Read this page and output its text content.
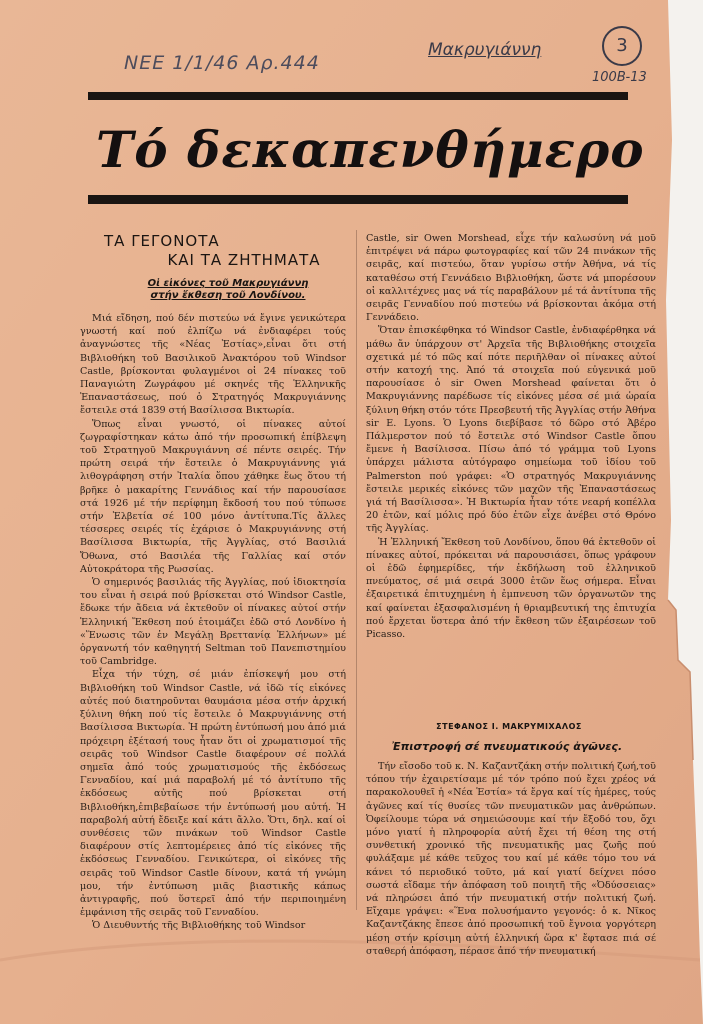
NEE 1/1/46 Αρ.444
Μακρυγιάννη	3
100B-13
Τό δεκαπενθήμερο
ΤΑ ΓΕΓΟΝΟΤΑ
ΚΑΙ ΤΑ ΖΗΤΗΜΑΤΑ
Οἱ εἰκόνες τοῦ Μακρυγιάννη
στήν ἔκθεση τοῦ Λονδίνου.

Μιά εἴδηση, πού δέν πιστεύω νά ἔγινε γενικώτερα γνωστή καί πού ἐλπίζω νά ἐνδιαφέρει τούς ἀναγνώστες τῆς «Νέας Ἑστίας»,εἶναι ὅτι στή Βιβλιοθήκη τοῦ Βασιλικοῦ Ἀνακτόρου τοῦ Windsor Castle, βρίσκονται φυλαγμένοι οἱ 24 πίνακες τοῦ Παναγιώτη Ζωγράφου μέ σκηνές τῆς Ἑλληνικῆς Ἐπαναστάσεως, πού ὁ Στρατηγός Μακρυγιάννης ἔστειλε στά 1839 στή Βασίλισσα Βικτωρία.

Ὅπως εἶναι γνωστό, οἱ πίνακες αὐτοί ζωγραφίστηκαν κάτω ἀπό τήν προσωπική ἐπίβλεψη τοῦ Στρατηγοῦ Μακρυγιάννη σέ πέντε σειρές. Τήν πρώτη σειρά τήν ἔστειλε ὁ Μακρυγιάννης γιά λιθογράφηση στήν Ἰταλία ὅπου χάθηκε ἕως ὅτου τή βρῆκε ὁ μακαρίτης Γεννάδιος καί τήν παρουσίασε στά 1926 μέ τήν περίφημη ἔκδοσή του πού τύπωσε στήν Ἑλβετία σέ 100 μόνο ἀντίτυπα.Τίς ἄλλες τέσσερες σειρές τίς ἐχάρισε ὁ Μακρυγιάννης στή Βασίλισσα Βικτωρία, τῆς Ἀγγλίας, στό Βασιλιά Ὄθωνα, στό Βασιλέα τῆς Γαλλίας καί στόν Αὐτοκράτορα τῆς Ρωσσίας.

Ὁ σημερινός βασιλιάς τῆς Ἀγγλίας, πού ἰδιοκτησία του εἶναι ἡ σειρά πού βρίσκεται στό Windsor Castle, ἔδωκε τήν ἄδεια νά ἐκτεθοῦν οἱ πίνακες αὐτοί στήν Ἑλληνική Ἔκθεση πού ἑτοιμάζει ἐδῶ στό Λονδίνο ἡ «Ἕνωσις τῶν ἐν Μεγάλῃ Βρεττανίᾳ Ἑλλήνων» μέ ὀργανωτή τόν καθηγητή Seltman τοῦ Πανεπιστημίου τοῦ Cambridge.

Εἶχα τήν τύχη, σέ μιάν ἐπίσκεψή μου στή Βιβλιοθήκη τοῦ Windsor Castle, νά ἰδῶ τίς εἰκόνες αὐτές πού διατηροῦνται θαυμάσια μέσα στήν ἀρχική ξύλινη θήκη πού τίς ἔστειλε ὁ Μακρυγιάννης στή Βασίλισσα Βικτωρία. Ἡ πρώτη ἐντύπωσή μου ἀπό μιά πρόχειρη ἐξέτασή τους ἦταν ὅτι οἱ χρωματισμοί τῆς σειρᾶς τοῦ Windsor Castle διαφέρουν σέ πολλά σημεῖα ἀπό τούς χρωματισμούς τῆς ἐκδόσεως Γενναδίου, καί μιά παραβολή μέ τό ἀντίτυπο τῆς ἐκδόσεως αὐτῆς πού βρίσκεται στή Βιβλιοθήκη,ἐπιβεβαίωσε τήν ἐντύπωσή μου αὐτή. Ἡ παραβολή αὐτή ἔδειξε καί κάτι ἄλλο. Ὅτι, δηλ. καί οἱ συνθέσεις τῶν πινάκων τοῦ Windsor Castle διαφέρουν στίς λεπτομέρειες ἀπό τίς εἰκόνες τῆς ἐκδόσεως Γενναδίου. Γενικώτερα, οἱ εἰκόνες τῆς σειρᾶς τοῦ Windsor Castle δίνουν, κατά τή γνώμη μου, τήν ἐντύπωση μιᾶς βιαστικῆς κάπως ἀντιγραφῆς, πού ὕστερεῖ ἀπό τήν περιποιημένη ἐμφάνιση τῆς σειρᾶς τοῦ Γενναδίου.

Ὁ Διευθυντής τῆς Βιβλιοθήκης τοῦ Windsor

Castle, sir Owen Morshead, εἶχε τήν καλωσύνη νά μοῦ ἐπιτρέψει νά πάρω φωτογραφίες καί τῶν 24 πινάκων τῆς σειρᾶς, καί πιστεύω, ὅταν γυρίσω στήν Ἀθήνα, νά τίς καταθέσω στή Γεννάδειο Βιβλιοθήκη, ὥστε νά μπορέσουν οἱ καλλιτέχνες μας νά τίς παραβάλουν μέ τά ἀντίτυπα τῆς σειρᾶς Γενναδίου πού πιστεύω νά βρίσκονται ἀκόμα στή Γεννάδειο.

Ὅταν ἐπισκέφθηκα τό Windsor Castle, ἐνδιαφέρθηκα νά μάθω ἄν ὑπάρχουν στ' Ἀρχεῖα τῆς Βιβλιοθήκης στοιχεῖα σχετικά μέ τό πῶς καί πότε περιῆλθαν οἱ πίνακες αὐτοί στήν κατοχή της. Ἀπό τά στοιχεῖα πού εὐγενικά μοῦ παρουσίασε ὁ sir Owen Morshead φαίνεται ὅτι ὁ Μακρυγιάννης παρέδωσε τίς εἰκόνες μέσα σέ μιά ὡραία ξύλινη θήκη στόν τότε Πρεσβευτή τῆς Ἀγγλίας στήν Ἀθήνα sir E. Lyons. Ὁ Lyons διεβίβασε τό δῶρο στό Ἀβέρο Πάλμερστον πού τό ἔστειλε στό Windsor Castle ὅπου ἔμενε ἡ Βασίλισσα. Πίσω ἀπό τό γράμμα τοῦ Lyons ὑπάρχει μάλιστα αὐτόγραφο σημείωμα τοῦ ἰδίου τοῦ Palmerston πού γράφει: «Ὁ στρατηγός Μακρυγιάννης ἔστειλε μερικές εἰκόνες τῶν μαχῶν τῆς Ἐπαναστάσεως γιά τή Βασίλισσα». Ἡ Βικτωρία ἦταν τότε νεαρή κοπέλλα 20 ἐτῶν, καί μόλις πρό δύο ἐτῶν εἶχε ἀνέβει στό Θρόνο τῆς Ἀγγλίας.

Ἡ Ἑλληνική Ἔκθεση τοῦ Λονδίνου, ὅπου θά ἐκτεθοῦν οἱ πίνακες αὐτοί, πρόκειται νά παρουσιάσει, ὅπως γράφουν οἱ ἐδῶ ἐφημερίδες, τήν ἐκδήλωση τοῦ ἑλληνικοῦ πνεύματος, σέ μιά σειρά 3000 ἐτῶν ἕως σήμερα. Εἶναι ἐξαιρετικά ἐπιτυχημένη ἡ ἐμπνευση τῶν ὀργανωτῶν της καί φαίνεται ἐξασφαλισμένη ἡ θριαμβευτική της ἐπιτυχία πού ἔρχεται ὕστερα ἀπό τήν ἔκθεση τῶν ἐξαιρέσεων τοῦ Picasso.

ΣΤΕΦΑΝΟΣ Ι. ΜΑΚΡΥΜΙΧΑΛΟΣ
Ἐπιστροφή σέ πνευματικούς ἀγῶνες.

Τήν εἴσοδο τοῦ κ. Ν. Καζαντζάκη στήν πολιτική ζωή,τοῦ τόπου τήν ἐχαιρετίσαμε μέ τόν τρόπο πού ἔχει χρέος νά παρακολουθεῖ ἡ «Νέα Ἑστία» τά ἔργα καί τίς ἡμέρες, τούς ἀγῶνες καί τίς θυσίες τῶν πνευματικῶν μας ἀνθρώπων. Ὀφείλουμε τώρα νά σημειώσουμε καί τήν ἔξοδό του, ὄχι μόνο γιατί ἡ πληροφορία αὐτή ἔχει τή θέση της στή συνθετική χρονικό τῆς πνευματικῆς μας ζωῆς πού φυλάξαμε μέ κάθε τεῦχος του καί μέ κάθε τόμο του νά κάνει τό περιοδικό τοῦτο, μά καί γιατί δείχνει πόσο σωστά εἴδαμε τήν ἀπόφαση τοῦ ποιητῆ τῆς «Ὀδύσσειας» νά πληρώσει ἀπό τήν πνευματική στήν πολιτική ζωή. Εἴχαμε γράψει: «Ἕνα πολυσήμαντο γεγονός: ὁ κ. Νῖκος Καζαντζάκης ἔπεσε ἀπό προσωπική τοῦ ἔγνοια γοργότερη μέση στήν κρίσιμη αὐτή ἑλληνική ὥρα κ' ἔφτασε πιά σέ σταθερή ἀπόφαση, πέρασε ἀπό τήν πνευματική
